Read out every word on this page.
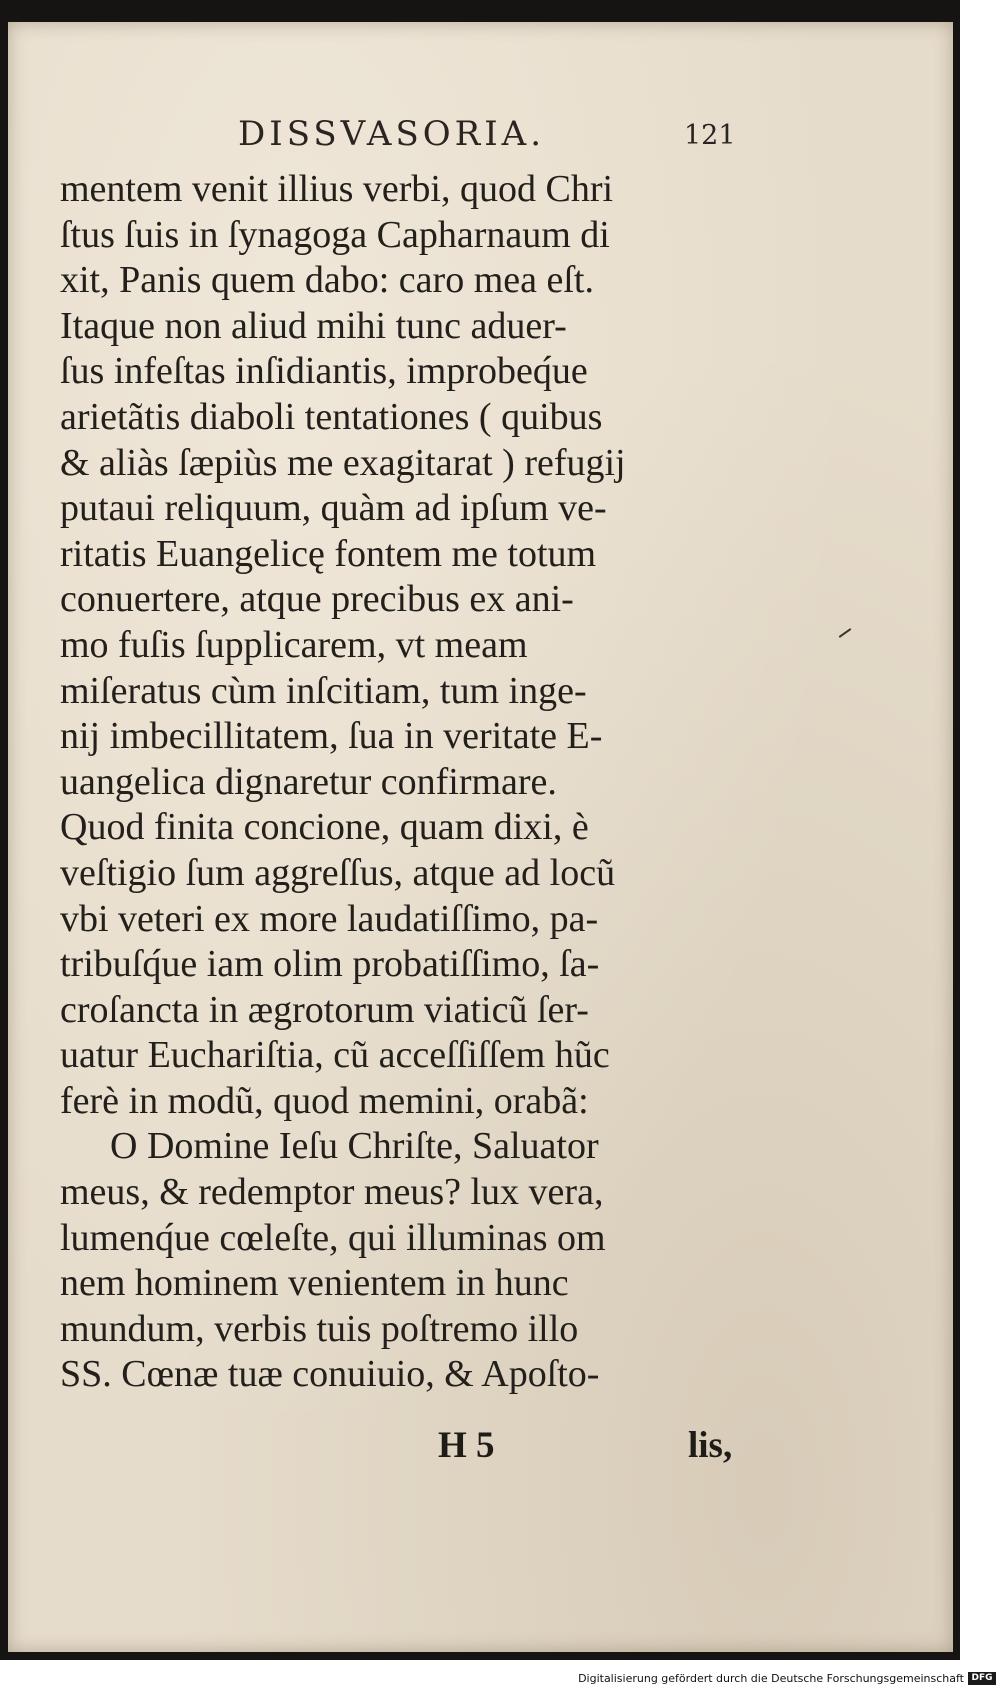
DISSVASORIA.	121
mentem venit illius verbi, quod Chri
ſtus ſuis in ſynagoga Capharnaum di
xit, Panis quem dabo: caro mea eſt.
Itaque non aliud mihi tunc aduer-
ſus infeſtas inſidiantis, improbeq́ue
arietãtis diaboli tentationes ( quibus
& aliàs ſæpiùs me exagitarat ) refugij
putaui reliquum, quàm ad ipſum ve-
ritatis Euangelicę fontem me totum
conuertere, atque precibus ex ani-
mo fuſis ſupplicarem, vt meam
miſeratus cùm inſcitiam, tum inge-
nij imbecillitatem, ſua in veritate E-
uangelica dignaretur confirmare.
Quod finita concione, quam dixi, è
veſtigio ſum aggreſſus, atque ad locũ
vbi veteri ex more laudatiſſimo, pa-
tribuſq́ue iam olim probatiſſimo, ſa-
croſancta in ægrotorum viaticũ ſer-
uatur Euchariſtia, cũ acceſſiſſem hũc
ferè in modũ, quod memini, orabã:
O Domine Ieſu Chriſte, Saluator
meus, & redemptor meus? lux vera,
lumenq́ue cœleſte, qui illuminas om
nem hominem venientem in hunc
mundum, verbis tuis poſtremo illo
SS. Cœnæ tuæ conuiuio, & Apoſto-
H 5	lis,
Digitalisierung gefördert durch die Deutsche Forschungsgemeinschaft DFG
